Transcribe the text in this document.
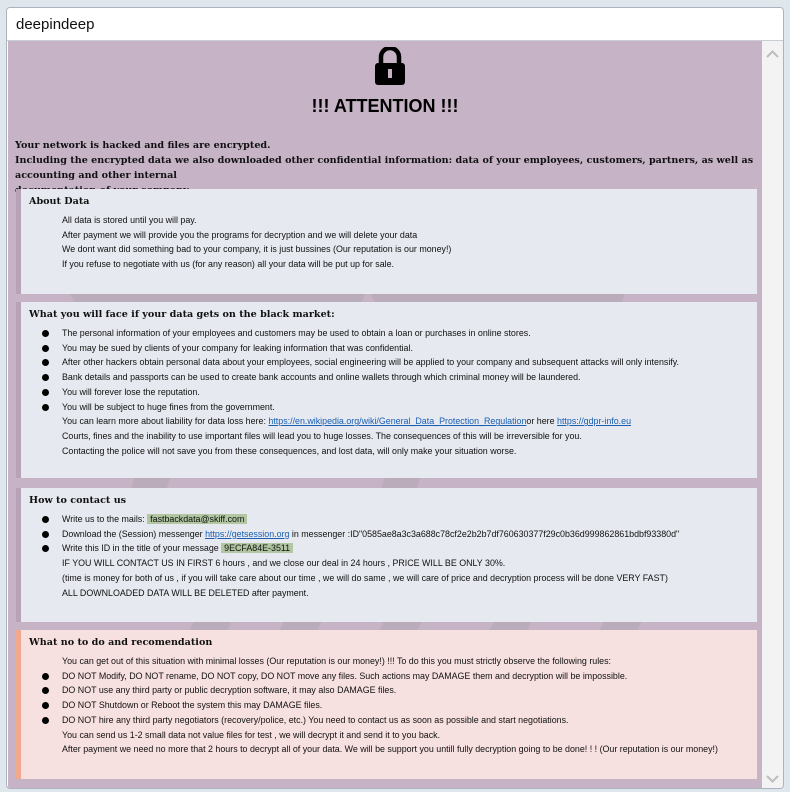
deepindeep
!!! ATTENTION !!!
Your network is hacked and files are encrypted.
Including the encrypted data we also downloaded other confidential information: data of your employees, customers, partners, as well as accounting and other internal
About Data
All data is stored until you will pay.
After payment we will provide you the programs for decryption and we will delete your data
We dont want did something bad to your company, it is just bussines (Our reputation is our money!)
If you refuse to negotiate with us (for any reason) all your data will be put up for sale.
What you will face if your data gets on the black market:
The personal information of your employees and customers may be used to obtain a loan or purchases in online stores.
You may be sued by clients of your company for leaking information that was confidential.
After other hackers obtain personal data about your employees, social engineering will be applied to your company and subsequent attacks will only intensify.
Bank details and passports can be used to create bank accounts and online wallets through which criminal money will be laundered.
You will forever lose the reputation.
You will be subject to huge fines from the government.
You can learn more about liability for data loss here: https://en.wikipedia.org/wiki/General_Data_Protection_Regulationor here https://gdpr-info.eu
Courts, fines and the inability to use important files will lead you to huge losses. The consequences of this will be irreversible for you.
Contacting the police will not save you from these consequences, and lost data, will only make your situation worse.
How to contact us
Write us to the mails: fastbackdata@skiff.com
Download the (Session) messenger https://getsession.org in messenger :ID"0585ae8a3c3a688c78cf2e2b2b7df760630377f29c0b36d999862861bdbf93380d"
Write this ID in the title of your message 9ECFA84E-3511
IF YOU WILL CONTACT US IN FIRST 6 hours , and we close our deal in 24 hours , PRICE WILL BE ONLY 30%.
(time is money for both of us , if you will take care about our time , we will do same , we will care of price and decryption process will be done VERY FAST)
ALL DOWNLOADED DATA WILL BE DELETED after payment.
What no to do and recomendation
You can get out of this situation with minimal losses (Our reputation is our money!) !!! To do this you must strictly observe the following rules:
DO NOT Modify, DO NOT rename, DO NOT copy, DO NOT move any files. Such actions may DAMAGE them and decryption will be impossible.
DO NOT use any third party or public decryption software, it may also DAMAGE files.
DO NOT Shutdown or Reboot the system this may DAMAGE files.
DO NOT hire any third party negotiators (recovery/police, etc.) You need to contact us as soon as possible and start negotiations.
You can send us 1-2 small data not value files for test , we will decrypt it and send it to you back.
After payment we need no more that 2 hours to decrypt all of your data. We will be support you untill fully decryption going to be done! ! ! (Our reputation is our money!)
